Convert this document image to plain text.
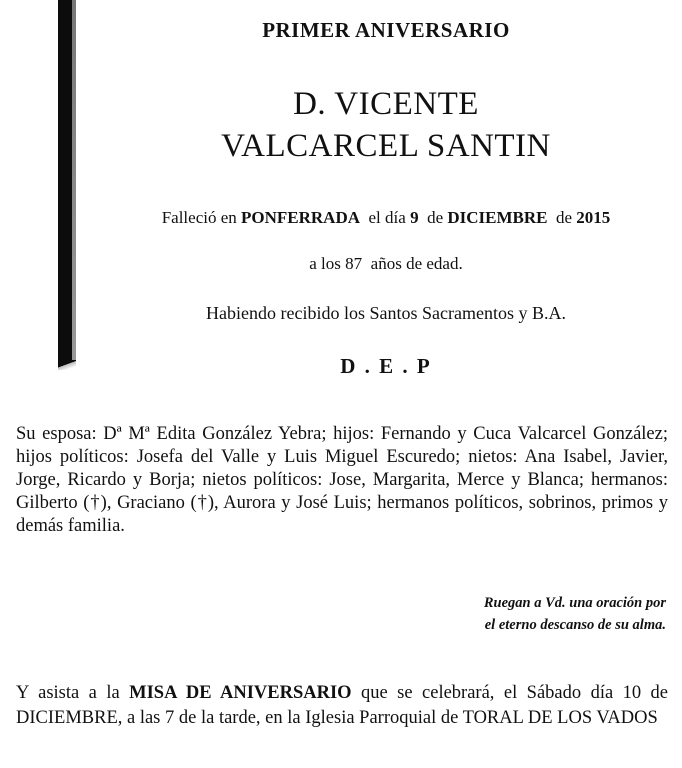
PRIMER ANIVERSARIO
D. VICENTE
VALCARCEL SANTIN
Falleció en PONFERRADA el día 9 de DICIEMBRE de 2015
a los 87 años de edad.
Habiendo recibido los Santos Sacramentos y B.A.
D . E . P
Su esposa: Dª Mª Edita González Yebra; hijos: Fernando y Cuca Valcarcel González; hijos políticos: Josefa del Valle y Luis Miguel Escuredo; nietos: Ana Isabel, Javier, Jorge, Ricardo y Borja; nietos políticos: Jose, Margarita, Merce y Blanca; hermanos: Gilberto (†), Graciano (†), Aurora y José Luis; hermanos políticos, sobrinos, primos y demás familia.
Ruegan a Vd. una oración por
el eterno descanso de su alma.
Y asista a la MISA DE ANIVERSARIO que se celebrará, el Sábado día 10 de DICIEMBRE, a las 7 de la tarde, en la Iglesia Parroquial de TORAL DE LOS VADOS
